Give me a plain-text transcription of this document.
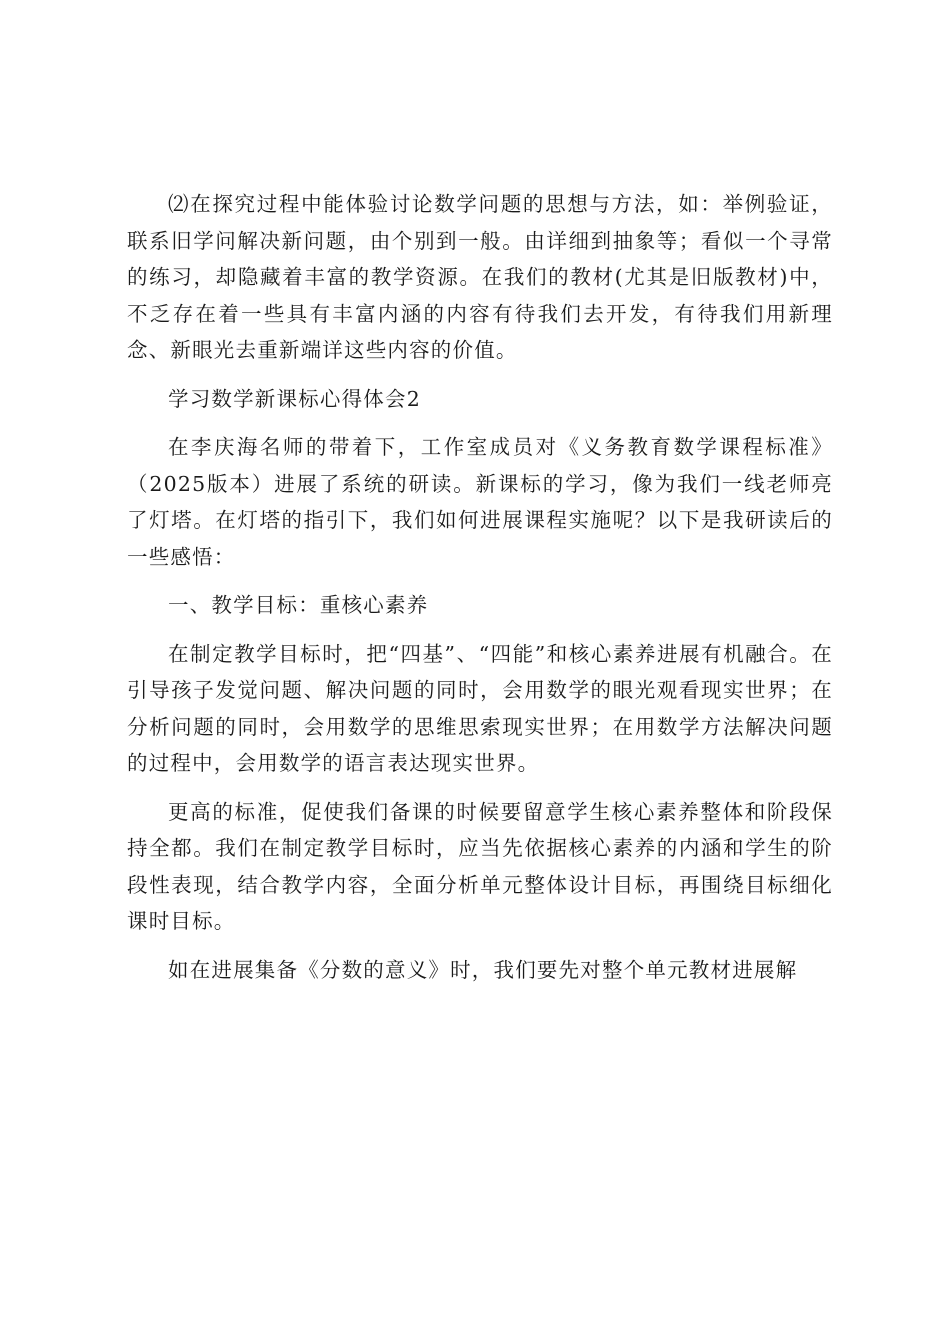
⑵在探究过程中能体验讨论数学问题的思想与方法，如：举例验证，联系旧学问解决新问题，由个别到一般。由详细到抽象等；看似一个寻常的练习，却隐藏着丰富的教学资源。在我们的教材(尤其是旧版教材)中，不乏存在着一些具有丰富内涵的内容有待我们去开发，有待我们用新理念、新眼光去重新端详这些内容的价值。

学习数学新课标心得体会2

在李庆海名师的带着下，工作室成员对《义务教育数学课程标准》（2025版本）进展了系统的研读。新课标的学习，像为我们一线老师亮了灯塔。在灯塔的指引下，我们如何进展课程实施呢？以下是我研读后的一些感悟：

一、教学目标：重核心素养

在制定教学目标时，把“四基”、“四能”和核心素养进展有机融合。在引导孩子发觉问题、解决问题的同时，会用数学的眼光观看现实世界；在分析问题的同时，会用数学的思维思索现实世界；在用数学方法解决问题的过程中，会用数学的语言表达现实世界。

更高的标准，促使我们备课的时候要留意学生核心素养整体和阶段保持全都。我们在制定教学目标时，应当先依据核心素养的内涵和学生的阶段性表现，结合教学内容，全面分析单元整体设计目标，再围绕目标细化课时目标。

如在进展集备《分数的意义》时，我们要先对整个单元教材进展解
